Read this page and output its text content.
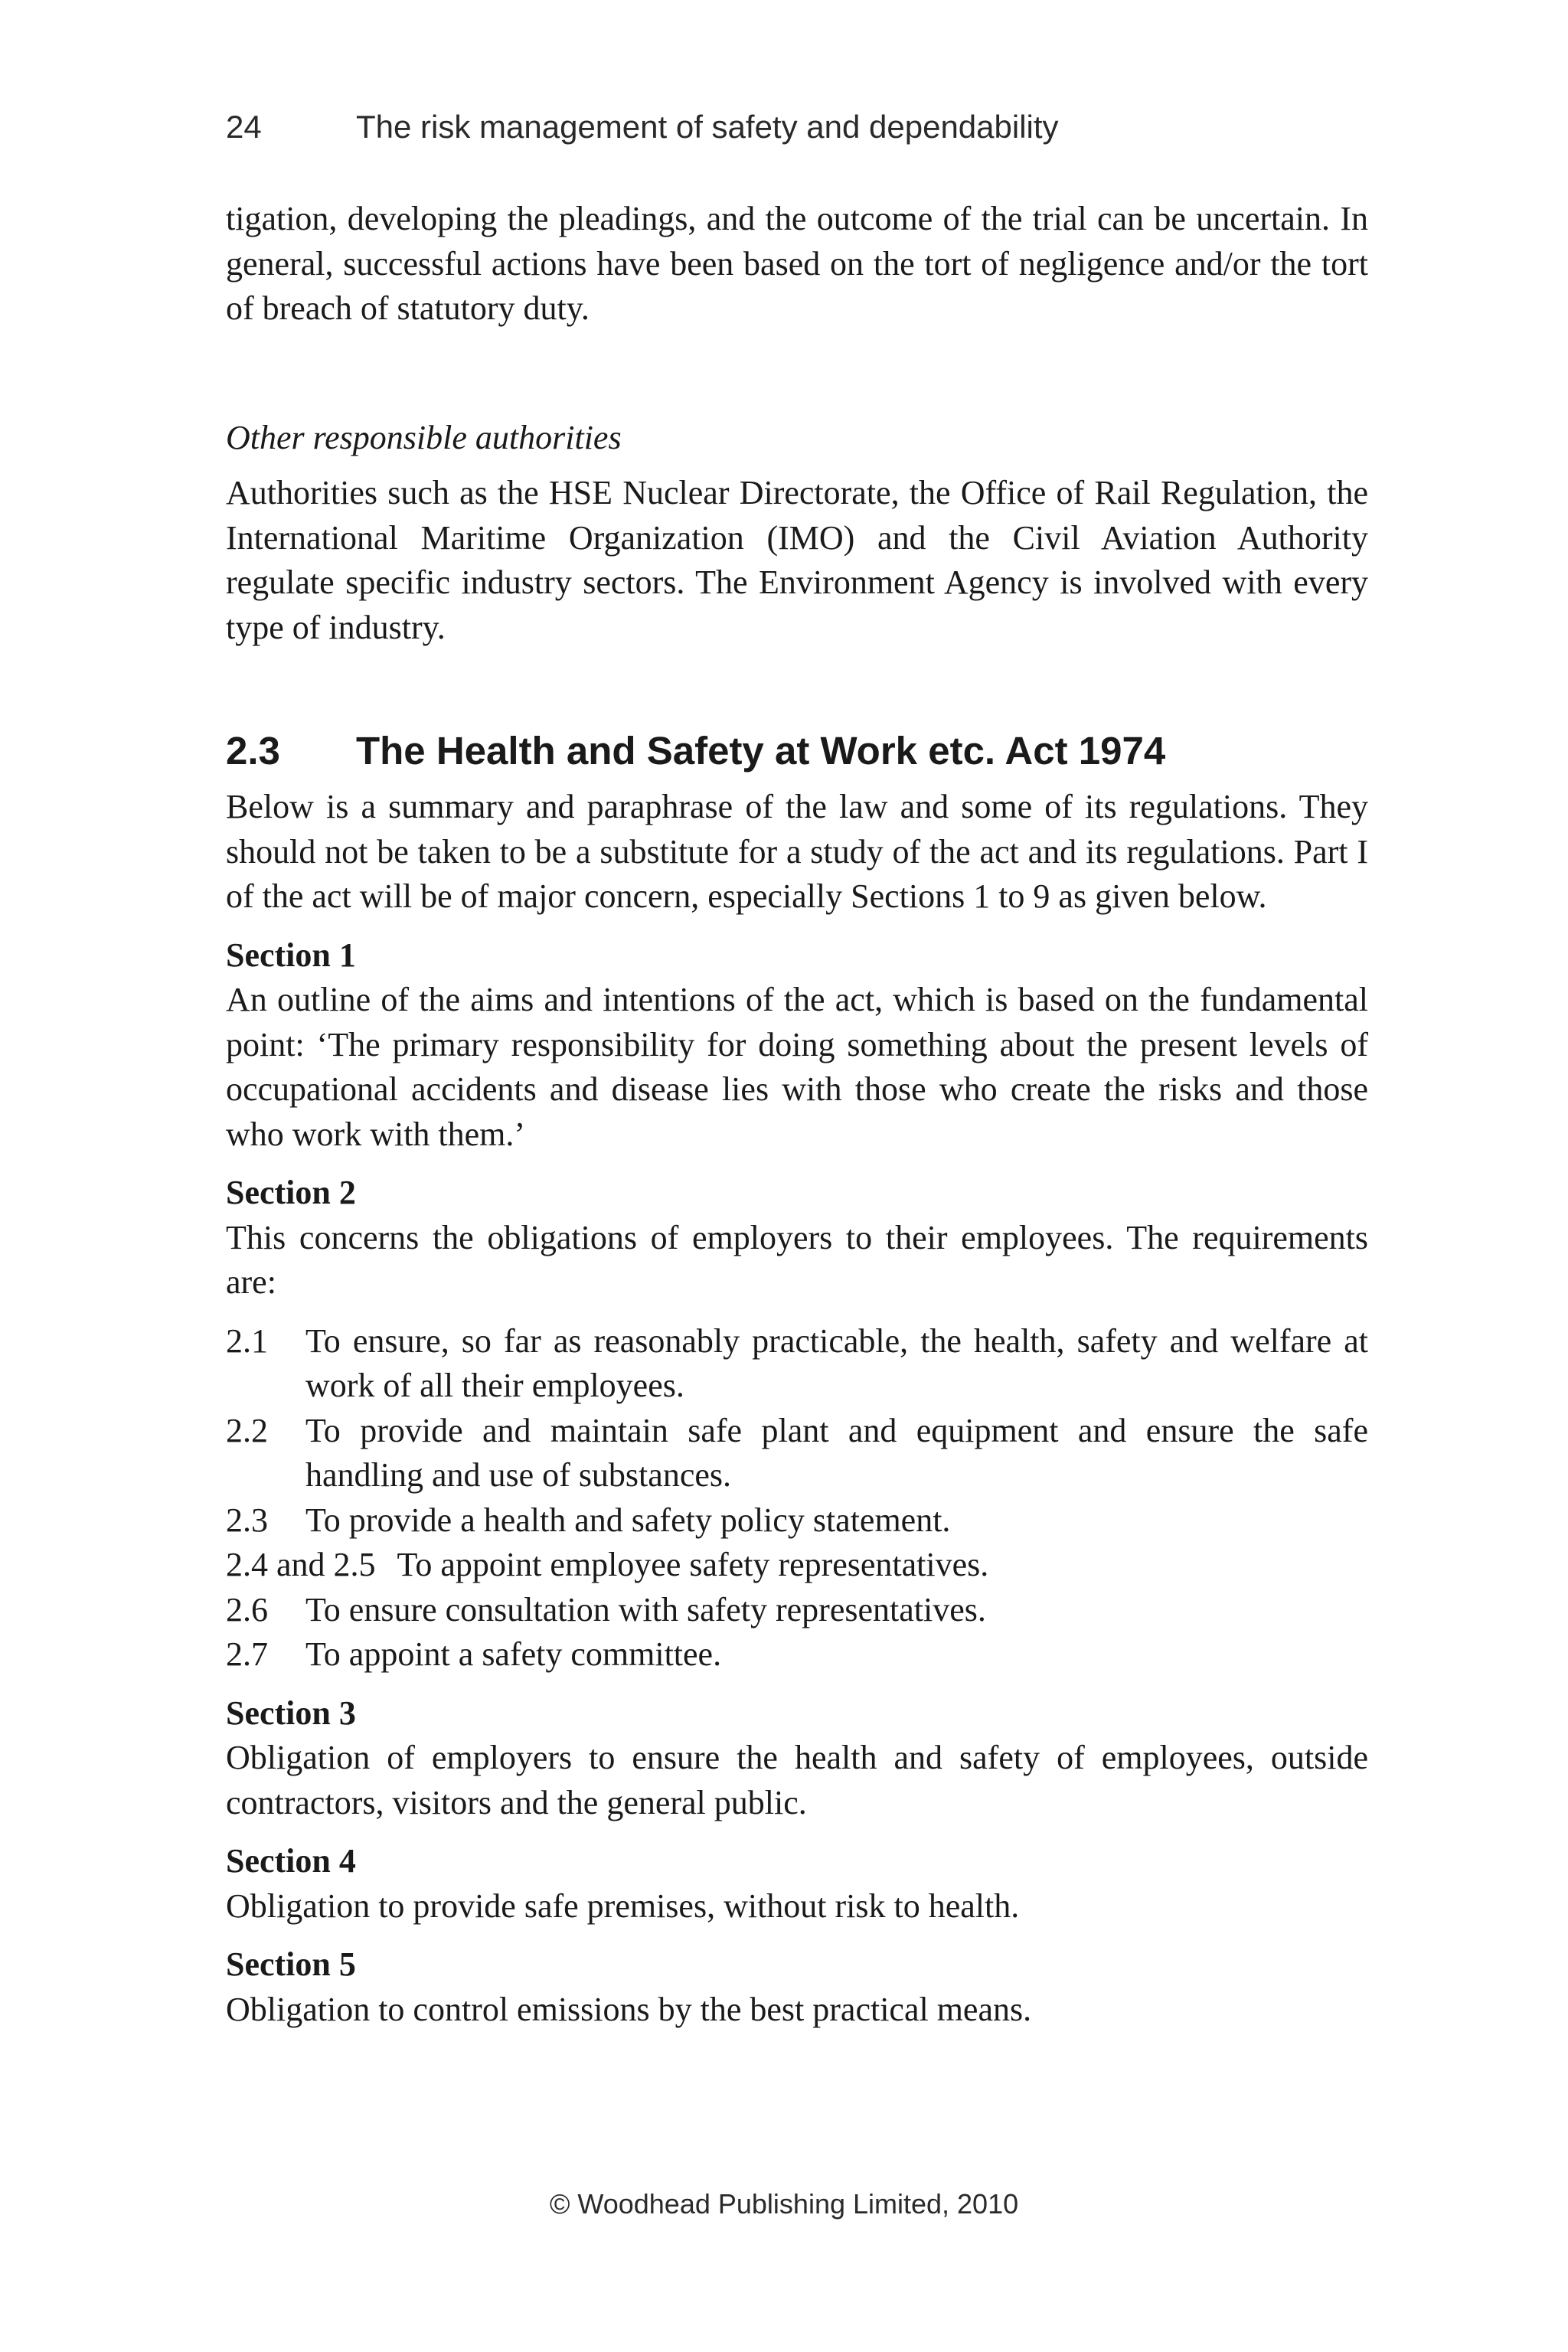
24	The risk management of safety and dependability

tigation, developing the pleadings, and the outcome of the trial can be uncertain. In general, successful actions have been based on the tort of negligence and/or the tort of breach of statutory duty.

Other responsible authorities

Authorities such as the HSE Nuclear Directorate, the Office of Rail Regulation, the International Maritime Organization (IMO) and the Civil Aviation Authority regulate specific industry sectors. The Environment Agency is involved with every type of industry.

2.3	The Health and Safety at Work etc. Act 1974

Below is a summary and paraphrase of the law and some of its regulations. They should not be taken to be a substitute for a study of the act and its regulations. Part I of the act will be of major concern, especially Sections 1 to 9 as given below.

Section 1

An outline of the aims and intentions of the act, which is based on the fundamental point: ‘The primary responsibility for doing something about the present levels of occupational accidents and disease lies with those who create the risks and those who work with them.’

Section 2

This concerns the obligations of employers to their employees. The requirements are:

2.1	To ensure, so far as reasonably practicable, the health, safety and welfare at work of all their employees.
2.2	To provide and maintain safe plant and equipment and ensure the safe handling and use of substances.
2.3	To provide a health and safety policy statement.
2.4 and 2.5 To appoint employee safety representatives.
2.6	To ensure consultation with safety representatives.
2.7	To appoint a safety committee.
Section 3

Obligation of employers to ensure the health and safety of employees, outside contractors, visitors and the general public.

Section 4

Obligation to provide safe premises, without risk to health.

Section 5

Obligation to control emissions by the best practical means.

© Woodhead Publishing Limited, 2010
